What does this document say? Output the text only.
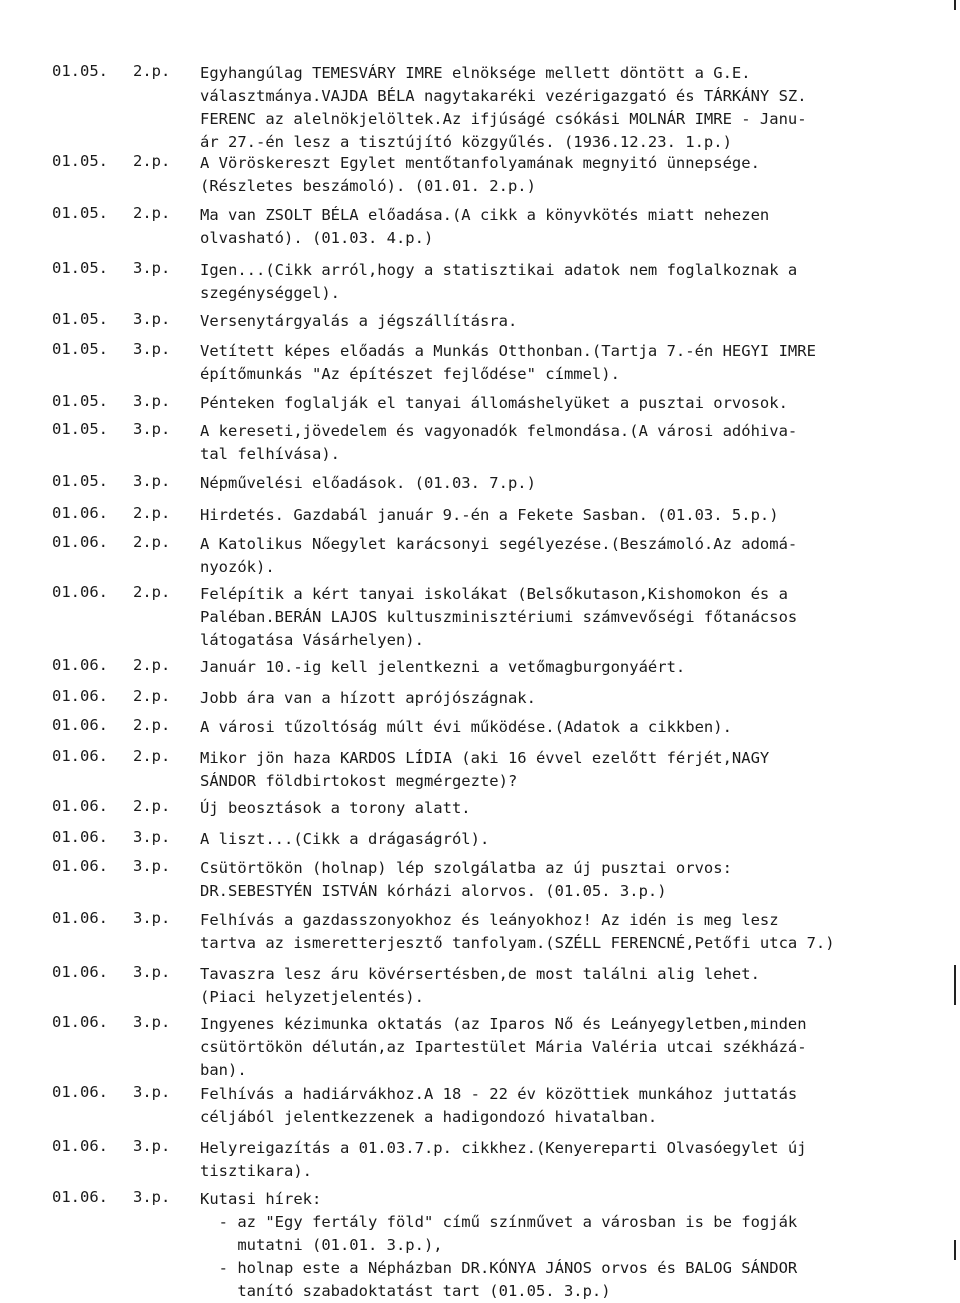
01.05. 2.p. Egyhangúlag TEMESVÁRY IMRE elnöksége mellett döntött a G.E.
választmánya.VAJDA BÉLA nagytakaréki vezérigazgató és TÁRKÁNY SZ.
FERENC az alelnökjelöltek.Az ifjúságé csókási MOLNÁR IMRE - Janu-
ár 27.-én lesz a tisztújító közgyűlés. (1936.12.23. 1.p.)
01.05. 2.p. A Vöröskereszt Egylet mentőtanfolyamának megnyitó ünnepsége.
(Részletes beszámoló). (01.01. 2.p.)
01.05. 2.p. Ma van ZSOLT BÉLA előadása.(A cikk a könyvkötés miatt nehezen
olvasható). (01.03. 4.p.)
01.05. 3.p. Igen...(Cikk arról,hogy a statisztikai adatok nem foglalkoznak a
szegénységgel).
01.05. 3.p. Versenytárgyalás a jégszállításra.
01.05. 3.p. Vetített képes előadás a Munkás Otthonban.(Tartja 7.-én HEGYI IMRE
építőmunkás "Az építészet fejlődése" címmel).
01.05. 3.p. Pénteken foglalják el tanyai állomáshelyüket a pusztai orvosok.
01.05. 3.p. A kereseti,jövedelem és vagyonadók felmondása.(A városi adóhiva-
tal felhívása).
01.05. 3.p. Népművelési előadások. (01.03. 7.p.)
01.06. 2.p. Hirdetés. Gazdabál január 9.-én a Fekete Sasban. (01.03. 5.p.)
01.06. 2.p. A Katolikus Nőegylet karácsonyi segélyezése.(Beszámoló.Az adomá-
nyozók).
01.06. 2.p. Felépítik a kért tanyai iskolákat (Belsőkutason,Kishomokon és a
Paléban.BERÁN LAJOS kultuszminisztériumi számvevőségi főtanácsos
látogatása Vásárhelyen).
01.06. 2.p. Január 10.-ig kell jelentkezni a vetőmagburgonyáért.
01.06. 2.p. Jobb ára van a hízott aprójószágnak.
01.06. 2.p. A városi tűzoltóság múlt évi működése.(Adatok a cikkben).
01.06. 2.p. Mikor jön haza KARDOS LÍDIA (aki 16 évvel ezelőtt férjét,NAGY
SÁNDOR földbirtokost megmérgezte)?
01.06. 2.p. Új beosztások a torony alatt.
01.06. 3.p. A liszt...(Cikk a drágaságról).
01.06. 3.p. Csütörtökön (holnap) lép szolgálatba az új pusztai orvos:
DR.SEBESTYÉN ISTVÁN kórházi alorvos. (01.05. 3.p.)
01.06. 3.p. Felhívás a gazdasszonyokhoz és leányokhoz! Az idén is meg lesz
tartva az ismeretterjesztő tanfolyam.(SZÉLL FERENCNÉ,Petőfi utca 7.)
01.06. 3.p. Tavaszra lesz áru kövérsertésben,de most találni alig lehet.
(Piaci helyzetjelentés).
01.06. 3.p. Ingyenes kézimunka oktatás (az Iparos Nő és Leányegyletben,minden
csütörtökön délután,az Ipartestület Mária Valéria utcai székházá-
ban).
01.06. 3.p. Felhívás a hadiárvákhoz.A 18 - 22 év közöttiek munkához juttatás
céljából jelentkezzenek a hadigondozó hivatalban.
01.06. 3.p. Helyreigazítás a 01.03.7.p. cikkhez.(Kenyereparti Olvasóegylet új
tisztikara).
01.06. 3.p. Kutasi hírek:
- az "Egy fertály föld" című színművet a városban is be fogják
mutatni (01.01. 3.p.),
- holnap este a Népházban DR.KÓNYA JÁNOS orvos és BALOG SÁNDOR
tanító szabadoktatást tart (01.05. 3.p.)
